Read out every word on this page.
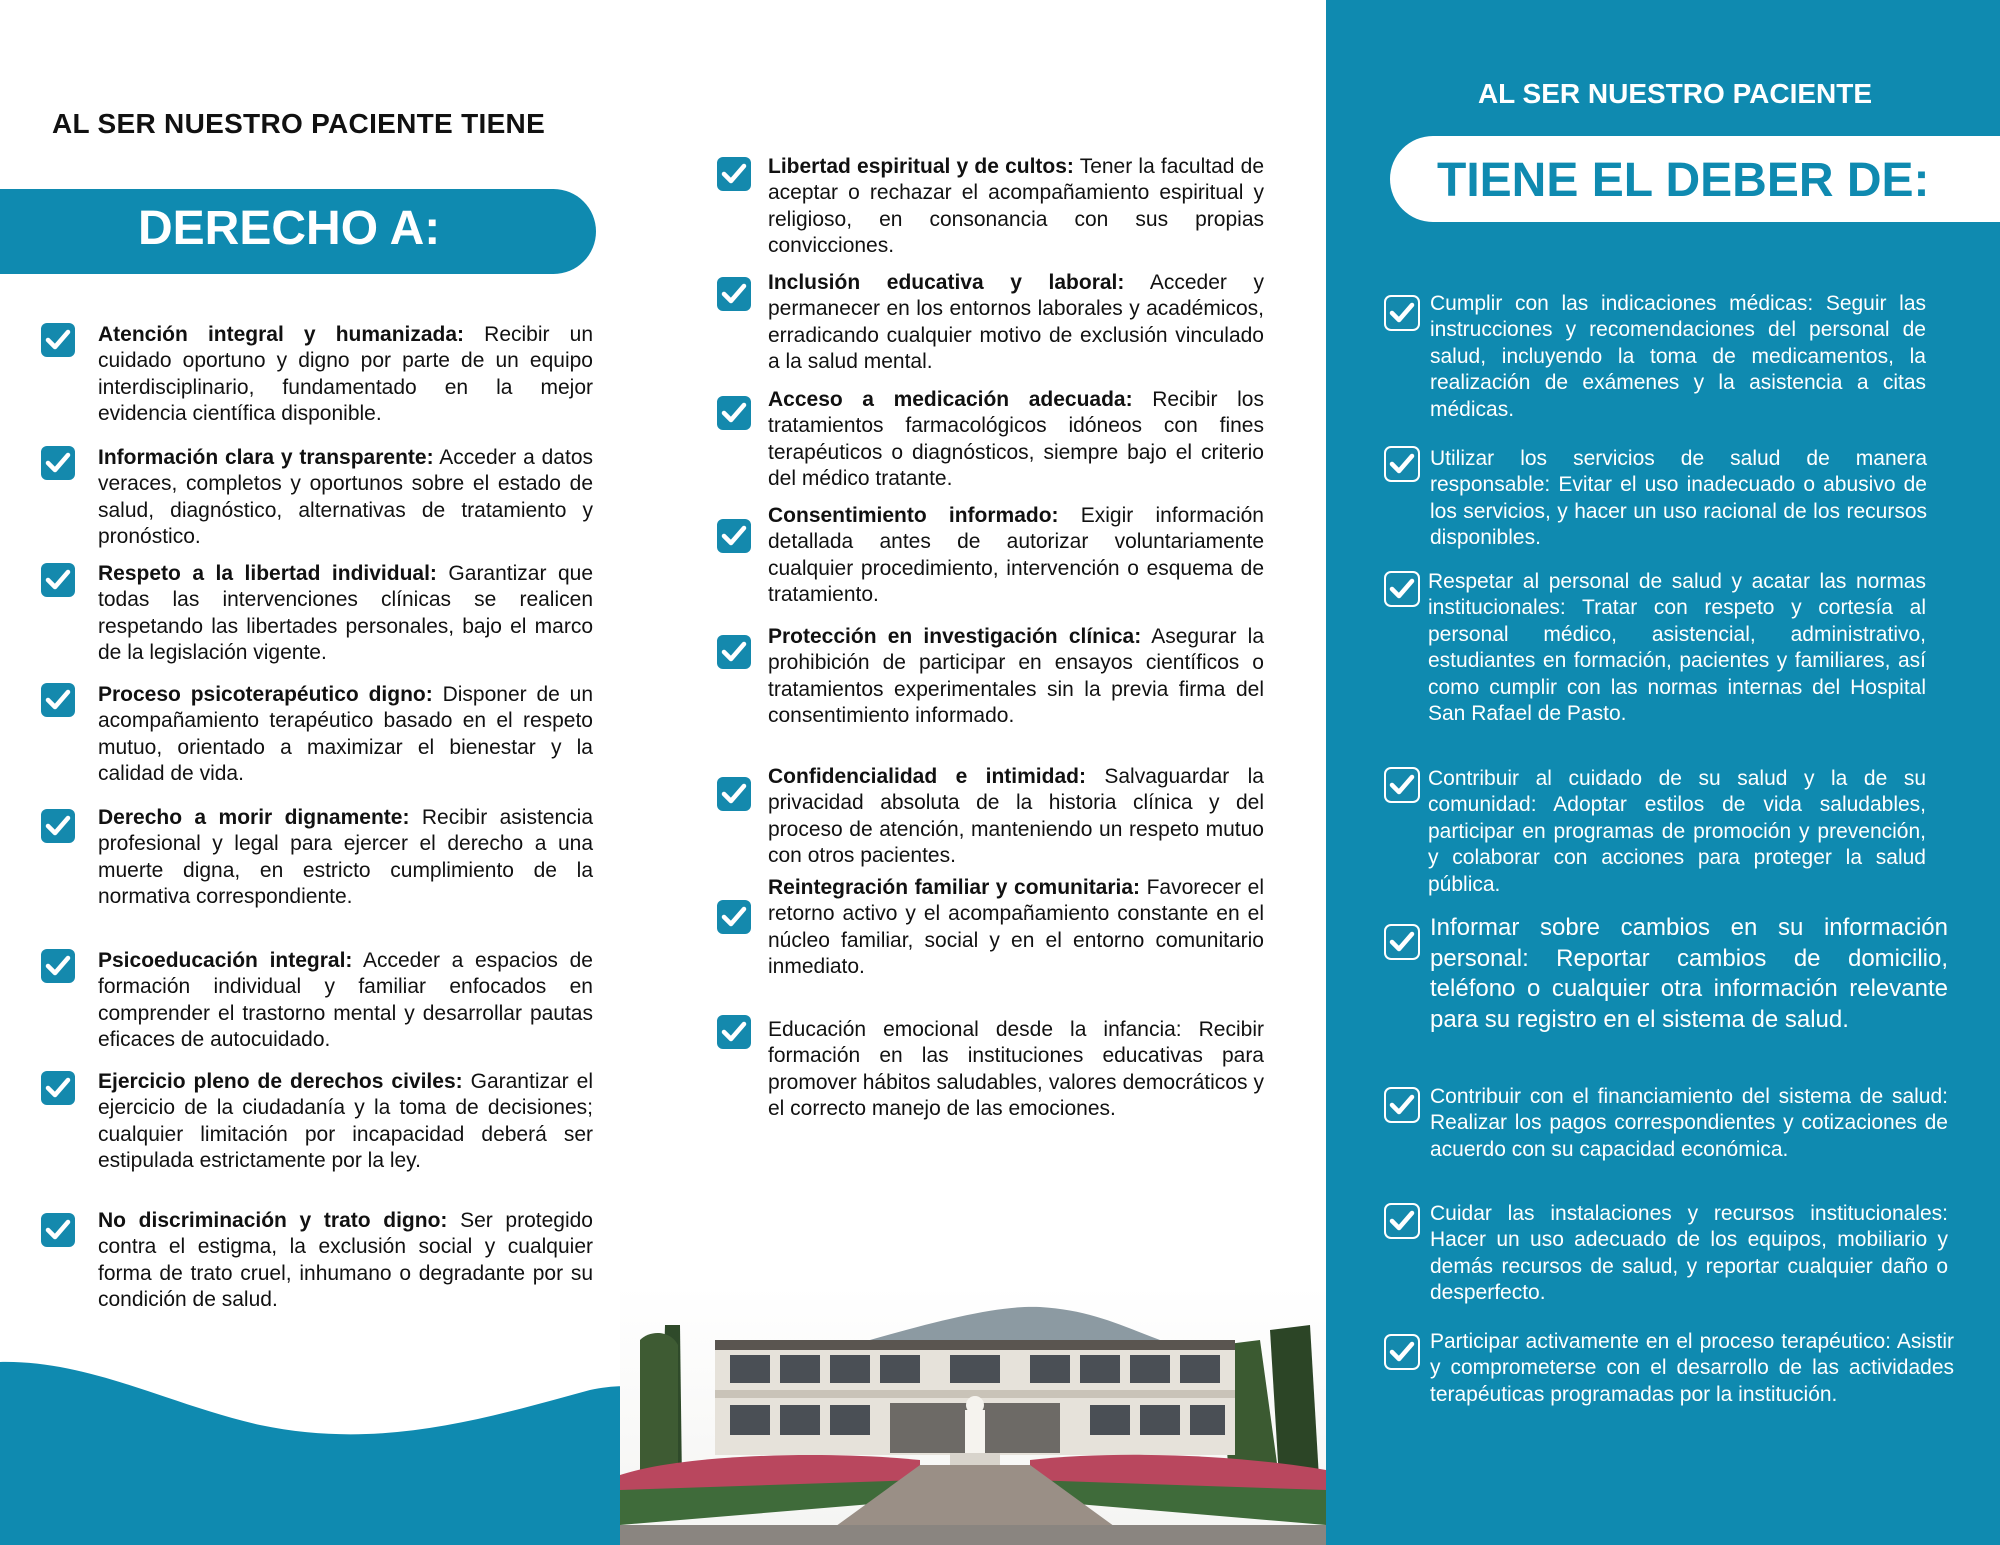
AL SER NUESTRO PACIENTE TIENE
DERECHO A:
Atención integral y humanizada: Recibir un cuidado oportuno y digno por parte de un equipo interdisciplinario, fundamentado en la mejor evidencia científica disponible.
Información clara y transparente: Acceder a datos veraces, completos y oportunos sobre el estado de salud, diagnóstico, alternativas de tratamiento y pronóstico.
Respeto a la libertad individual: Garantizar que todas las intervenciones clínicas se realicen respetando las libertades personales, bajo el marco de la legislación vigente.
Proceso psicoterapéutico digno: Disponer de un acompañamiento terapéutico basado en el respeto mutuo, orientado a maximizar el bienestar y la calidad de vida.
Derecho a morir dignamente: Recibir asistencia profesional y legal para ejercer el derecho a una muerte digna, en estricto cumplimiento de la normativa correspondiente.
Psicoeducación integral: Acceder a espacios de formación individual y familiar enfocados en comprender el trastorno mental y desarrollar pautas eficaces de autocuidado.
Ejercicio pleno de derechos civiles: Garantizar el ejercicio de la ciudadanía y la toma de decisiones; cualquier limitación por incapacidad deberá ser estipulada estrictamente por la ley.
No discriminación y trato digno: Ser protegido contra el estigma, la exclusión social y cualquier forma de trato cruel, inhumano o degradante por su condición de salud.
Libertad espiritual y de cultos: Tener la facultad de aceptar o rechazar el acompañamiento espiritual y religioso, en consonancia con sus propias convicciones.
Inclusión educativa y laboral: Acceder y permanecer en los entornos laborales y académicos, erradicando cualquier motivo de exclusión vinculado a la salud mental.
Acceso a medicación adecuada: Recibir los tratamientos farmacológicos idóneos con fines terapéuticos o diagnósticos, siempre bajo el criterio del médico tratante.
Consentimiento informado: Exigir información detallada antes de autorizar voluntariamente cualquier procedimiento, intervención o esquema de tratamiento.
Protección en investigación clínica: Asegurar la prohibición de participar en ensayos científicos o tratamientos experimentales sin la previa firma del consentimiento informado.
Confidencialidad e intimidad: Salvaguardar la privacidad absoluta de la historia clínica y del proceso de atención, manteniendo un respeto mutuo con otros pacientes.
Reintegración familiar y comunitaria: Favorecer el retorno activo y el acompañamiento constante en el núcleo familiar, social y en el entorno comunitario inmediato.
Educación emocional desde la infancia: Recibir formación en las instituciones educativas para promover hábitos saludables, valores democráticos y el correcto manejo de las emociones.
AL SER NUESTRO PACIENTE
TIENE EL DEBER DE:
Cumplir con las indicaciones médicas: Seguir las instrucciones y recomendaciones del personal de salud, incluyendo la toma de medicamentos, la realización de exámenes y la asistencia a citas médicas.
Utilizar los servicios de salud de manera responsable: Evitar el uso inadecuado o abusivo de los servicios, y hacer un uso racional de los recursos disponibles.
Respetar al personal de salud y acatar las normas institucionales: Tratar con respeto y cortesía al personal médico, asistencial, administrativo, estudiantes en formación, pacientes y familiares, así como cumplir con las normas internas del Hospital San Rafael de Pasto.
Contribuir al cuidado de su salud y la de su comunidad: Adoptar estilos de vida saludables, participar en programas de promoción y prevención, y colaborar con acciones para proteger la salud pública.
Informar sobre cambios en su información personal: Reportar cambios de domicilio, teléfono o cualquier otra información relevante para su registro en el sistema de salud.
Contribuir con el financiamiento del sistema de salud: Realizar los pagos correspondientes y cotizaciones de acuerdo con su capacidad económica.
Cuidar las instalaciones y recursos institucionales: Hacer un uso adecuado de los equipos, mobiliario y demás recursos de salud, y reportar cualquier daño o desperfecto.
Participar activamente en el proceso terapéutico: Asistir y comprometerse con el desarrollo de las actividades terapéuticas programadas por la institución.
